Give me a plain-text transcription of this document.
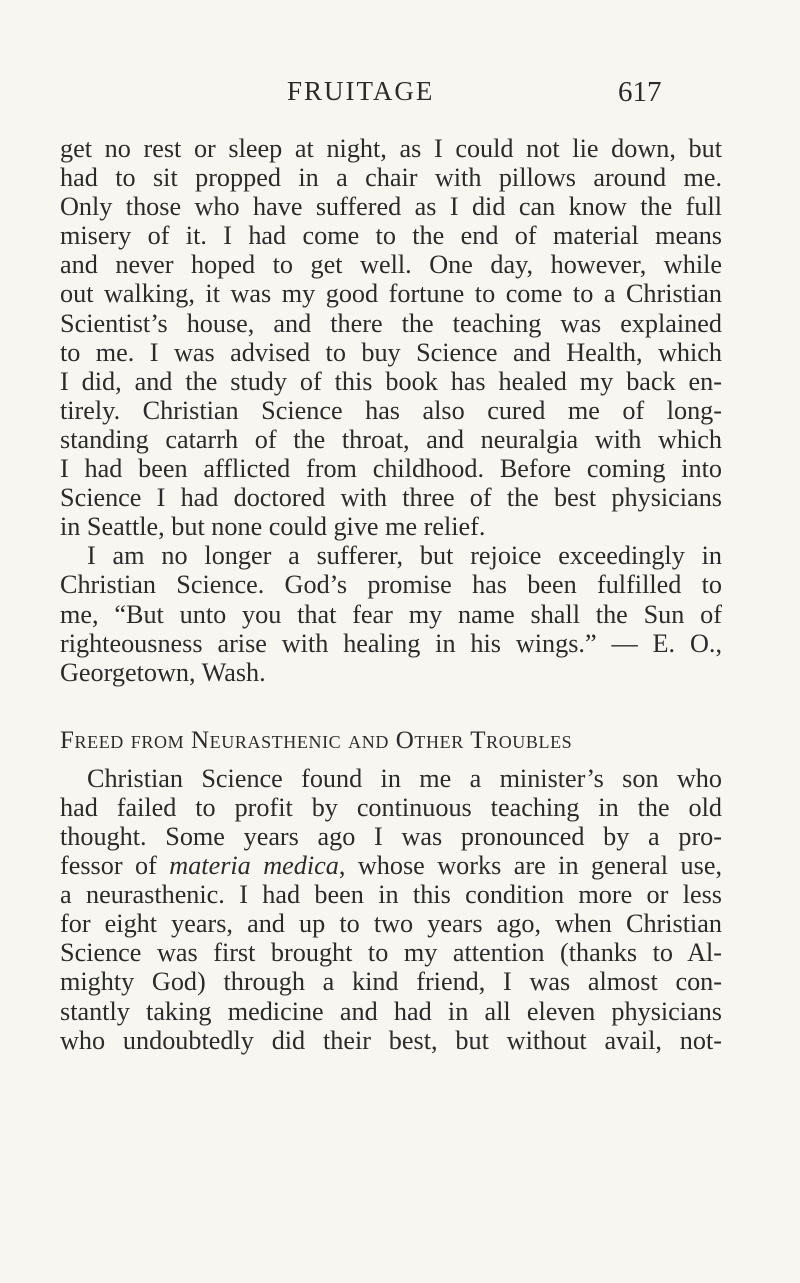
FRUITAGE	617
get no rest or sleep at night, as I could not lie down, but
had to sit propped in a chair with pillows around me.
Only those who have suffered as I did can know the full
misery of it. I had come to the end of material means
and never hoped to get well. One day, however, while
out walking, it was my good fortune to come to a Christian
Scientist’s house, and there the teaching was explained
to me. I was advised to buy Science and Health, which
I did, and the study of this book has healed my back en-
tirely. Christian Science has also cured me of long-
standing catarrh of the throat, and neuralgia with which
I had been afflicted from childhood. Before coming into
Science I had doctored with three of the best physicians
in Seattle, but none could give me relief.
I am no longer a sufferer, but rejoice exceedingly in
Christian Science. God’s promise has been fulfilled to
me, “But unto you that fear my name shall the Sun of
righteousness arise with healing in his wings.” — E. O.,
Georgetown, Wash.
Freed from Neurasthenic and Other Troubles
Christian Science found in me a minister’s son who
had failed to profit by continuous teaching in the old
thought. Some years ago I was pronounced by a pro-
fessor of materia medica, whose works are in general use,
a neurasthenic. I had been in this condition more or less
for eight years, and up to two years ago, when Christian
Science was first brought to my attention (thanks to Al-
mighty God) through a kind friend, I was almost con-
stantly taking medicine and had in all eleven physicians
who undoubtedly did their best, but without avail, not-
